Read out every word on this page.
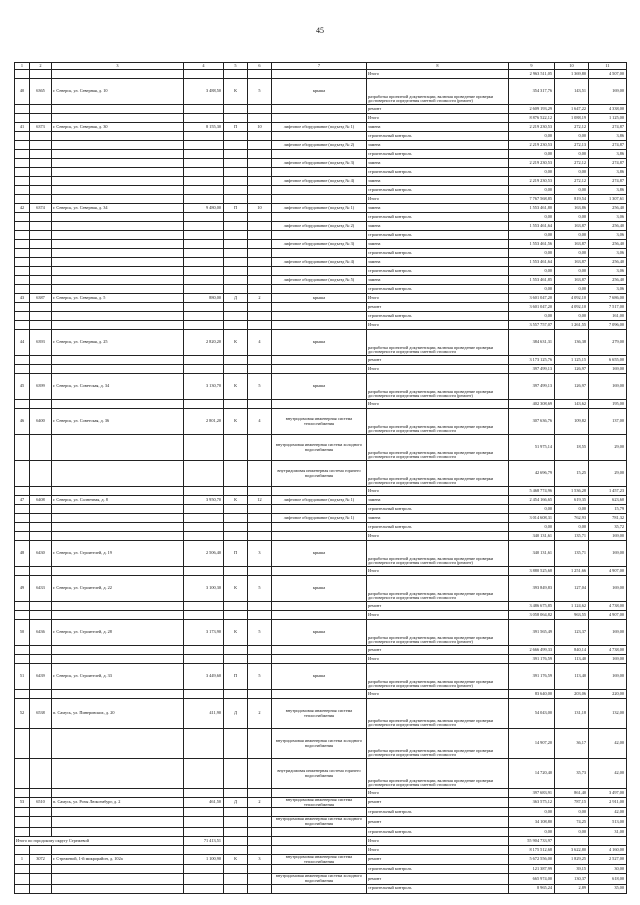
45
1	2	3	4	5	6	7	8	9	10	11
							Итого	2 963 511,05	1 369,80	4 507,00
40	6365	г. Северск, ул. Северная, д. 10	3 488,50	К	5	крыша	разработка проектной документации, включая проведение проверки достоверности определения сметной стоимости (ремонт)	354 317,76	143,51	169,00
							ремонт	2 609 193,29	1 647,22	4 338,00
							Итого	8 876 522,12	1 088,19	1 125,00
41	6373	г. Северск, ул. Северная, д. 30	8 155,30	П	10	лифтовое оборудование (подъезд № 1)	замена	2 219 230,53	272,12	274,87
							строительный контроль	0,00	0,00	3,86
						лифтовое оборудование (подъезд № 2)	замена	2 219 230,53	272,13	274,87
							строительный контроль	0,00	0,00	3,86
						лифтовое оборудование (подъезд № 3)	замена	2 219 230,53	272,12	274,87
							строительный контроль	0,00	0,00	3,86
						лифтовое оборудование (подъезд № 4)	замена	2 219 230,53	272,12	274,87
							строительный контроль	0,00	0,00	3,86
							Итого	7 767 568,85	819,54	1 307,61
42	6374	г. Северск, ул. Северная, д. 34	9 480,00	П	10	лифтовое оборудование (подъезд № 1)	замена	1 553 461,80	163,86	256,40
							строительный контроль	0,00	0,00	3,06
						лифтовое оборудование (подъезд № 2)	замена	1 553 461,64	163,87	256,40
							строительный контроль	0,00	0,00	3,06
						лифтовое оборудование (подъезд № 3)	замена	1 553 461,56	163,87	256,40
							строительный контроль	0,00	0,00	3,06
						лифтовое оборудование (подъезд № 4)	замена	1 553 461,64	163,87	256,40
							строительный контроль	0,00	0,00	3,06
						лифтовое оборудование (подъезд № 5)	замена	1 553 461,85	163,87	256,40
							строительный контроль	0,00	0,00	3,06
43	6387	г. Северск, ул. Северная, д. 5	880,00	Д	2	крыша	Итого	3 601 047,20	4 092,10	7 686,00
							ремонт	3 601 047,20	4 092,10	7 517,00
							строительный контроль	0,00	0,00	161,00
							Итого	3 557 757,07	1 261,55	7 096,00
44	6393	г. Северск, ул. Северная, д. 25	2 820,20	К	4	крыша	разработка проектной документации, включая проведение проверки достоверности определения сметной стоимости	384 631,31	136,38	279,00
							ремонт	3 173 125,76	1 125,15	6 655,00
							Итого	397 499,13	126,97	169,00
45	6399	г. Северск, ул. Советская, д. 34	3 130,70	К	5	крыша	разработка проектной документации, включая проведение проверки достоверности определения сметной стоимости (ремонт)	397 499,13	126,97	169,00
							Итого	402 308,69	143,62	195,00
46	6400	г. Северск, ул. Советская, д. 36	2 801,20	К	4	внутридомовая инженерная система теплоснабжения	разработка проектной документации, включая проведение проверки достоверности определения сметной стоимости	307 636,76	109,82	137,00
						внутридомовая инженерная система холодного водоснабжения	разработка проектной документации, включая проведение проверки достоверности определения сметной стоимости	51 975,14	18,55	29,00
						внутридомовая инженерная система горячего водоснабжения	разработка проектной документации, включая проведение проверки достоверности определения сметной стоимости	42 696,79	15,25	29,00
							Итого	5 468 774,96	1 536,28	1 457,23
47	6408	г. Северск, ул. Солнечная, д. 8	3 950,70	К	12	лифтовое оборудование (подъезд № 1)	замена	2 454 166,65	619,35	623,60
							строительный контроль	0,00	0,00	15,79
						лифтовое оборудование (подъезд № 1)	замена	3 014 608,31	762,93	781,32
							строительный контроль	0,00	0,00	35,72
							Итого	340 131,61	135,71	169,00
48	6430	г. Северск, ул. Строителей, д. 19	2 506,40	П	3	крыша	разработка проектной документации, включая проведение проверки достоверности определения сметной стоимости (ремонт)	340 131,61	135,71	169,00
							Итого	3 880 525,68	1 251,66	4 907,00
49	6433	г. Северск, ул. Строителей, д. 22	3 100,30	К	5	крыша	разработка проектной документации, включая проведение проверки достоверности определения сметной стоимости	393 849,83	127,04	169,00
							ремонт	3 486 675,85	1 124,62	4 738,00
							Итого	3 058 064,82	963,55	4 907,00
50	6436	г. Северск, ул. Строителей, д. 28	3 173,90	К	5	крыша	разработка проектной документации, включая проведение проверки достоверности определения сметной стоимости (ремонт)	391 565,49	123,37	169,00
							ремонт	2 666 499,33	840,14	4 738,00
							Итого	391 176,59	113,40	169,00
51	6439	г. Северск, ул. Строителей, д. 33	3 449,60	П	5	крыша	разработка проектной документации, включая проведение проверки достоверности определения сметной стоимости (ремонт)	391 176,59	113,40	169,00
							Итого	83 640,00	203,06	220,00
52	6538	п. Самусь, ул. Пинеровских, д. 20	411,90	Д	2	внутридомовая инженерная система теплоснабжения	разработка проектной документации, включая проведение проверки достоверности определения сметной стоимости	54 043,00	131,18	132,00
						внутридомовая инженерная система холодного водоснабжения	разработка проектной документации, включая проведение проверки достоверности определения сметной стоимости	14 907,20	36,17	42,00
						внутридомовая инженерная система горячего водоснабжения	разработка проектной документации, включая проведение проверки достоверности определения сметной стоимости	14 720,40	35,73	42,00
							Итого	397 683,91	861,40	3 497,00
53	6510	п. Самусь, ул. Розы Люксембург, д. 2	461,50	Д	2	внутридомовая инженерная система теплоснабжения	ремонт	363 575,12	787,15	2 911,00
							строительный контроль	0,00	0,00	42,00
						внутридомовая инженерная система холодного водоснабжения	ремонт	34 108,80	74,25	513,00
							строительный контроль	0,00	0,00	31,00
Итого по городскому округу Стрежевой			71 413,51				Итого	55 904 733,97		
							Итого	8 175 512,68	3 622,80	4 160,00
1	3072	г. Стрежевой, 1-й микрорайон, д. 102а	1 100,90	К	3	внутридомовая инженерная система теплоснабжения	ремонт	5 672 556,00	1 829,25	2 527,00
							строительный контроль	121 387,99	39,15	30,00
						внутридомовая инженерная система холодного водоснабжения	ремонт	665 974,00	130,37	618,00
							строительный контроль	8 965,24	2,89	35,00
